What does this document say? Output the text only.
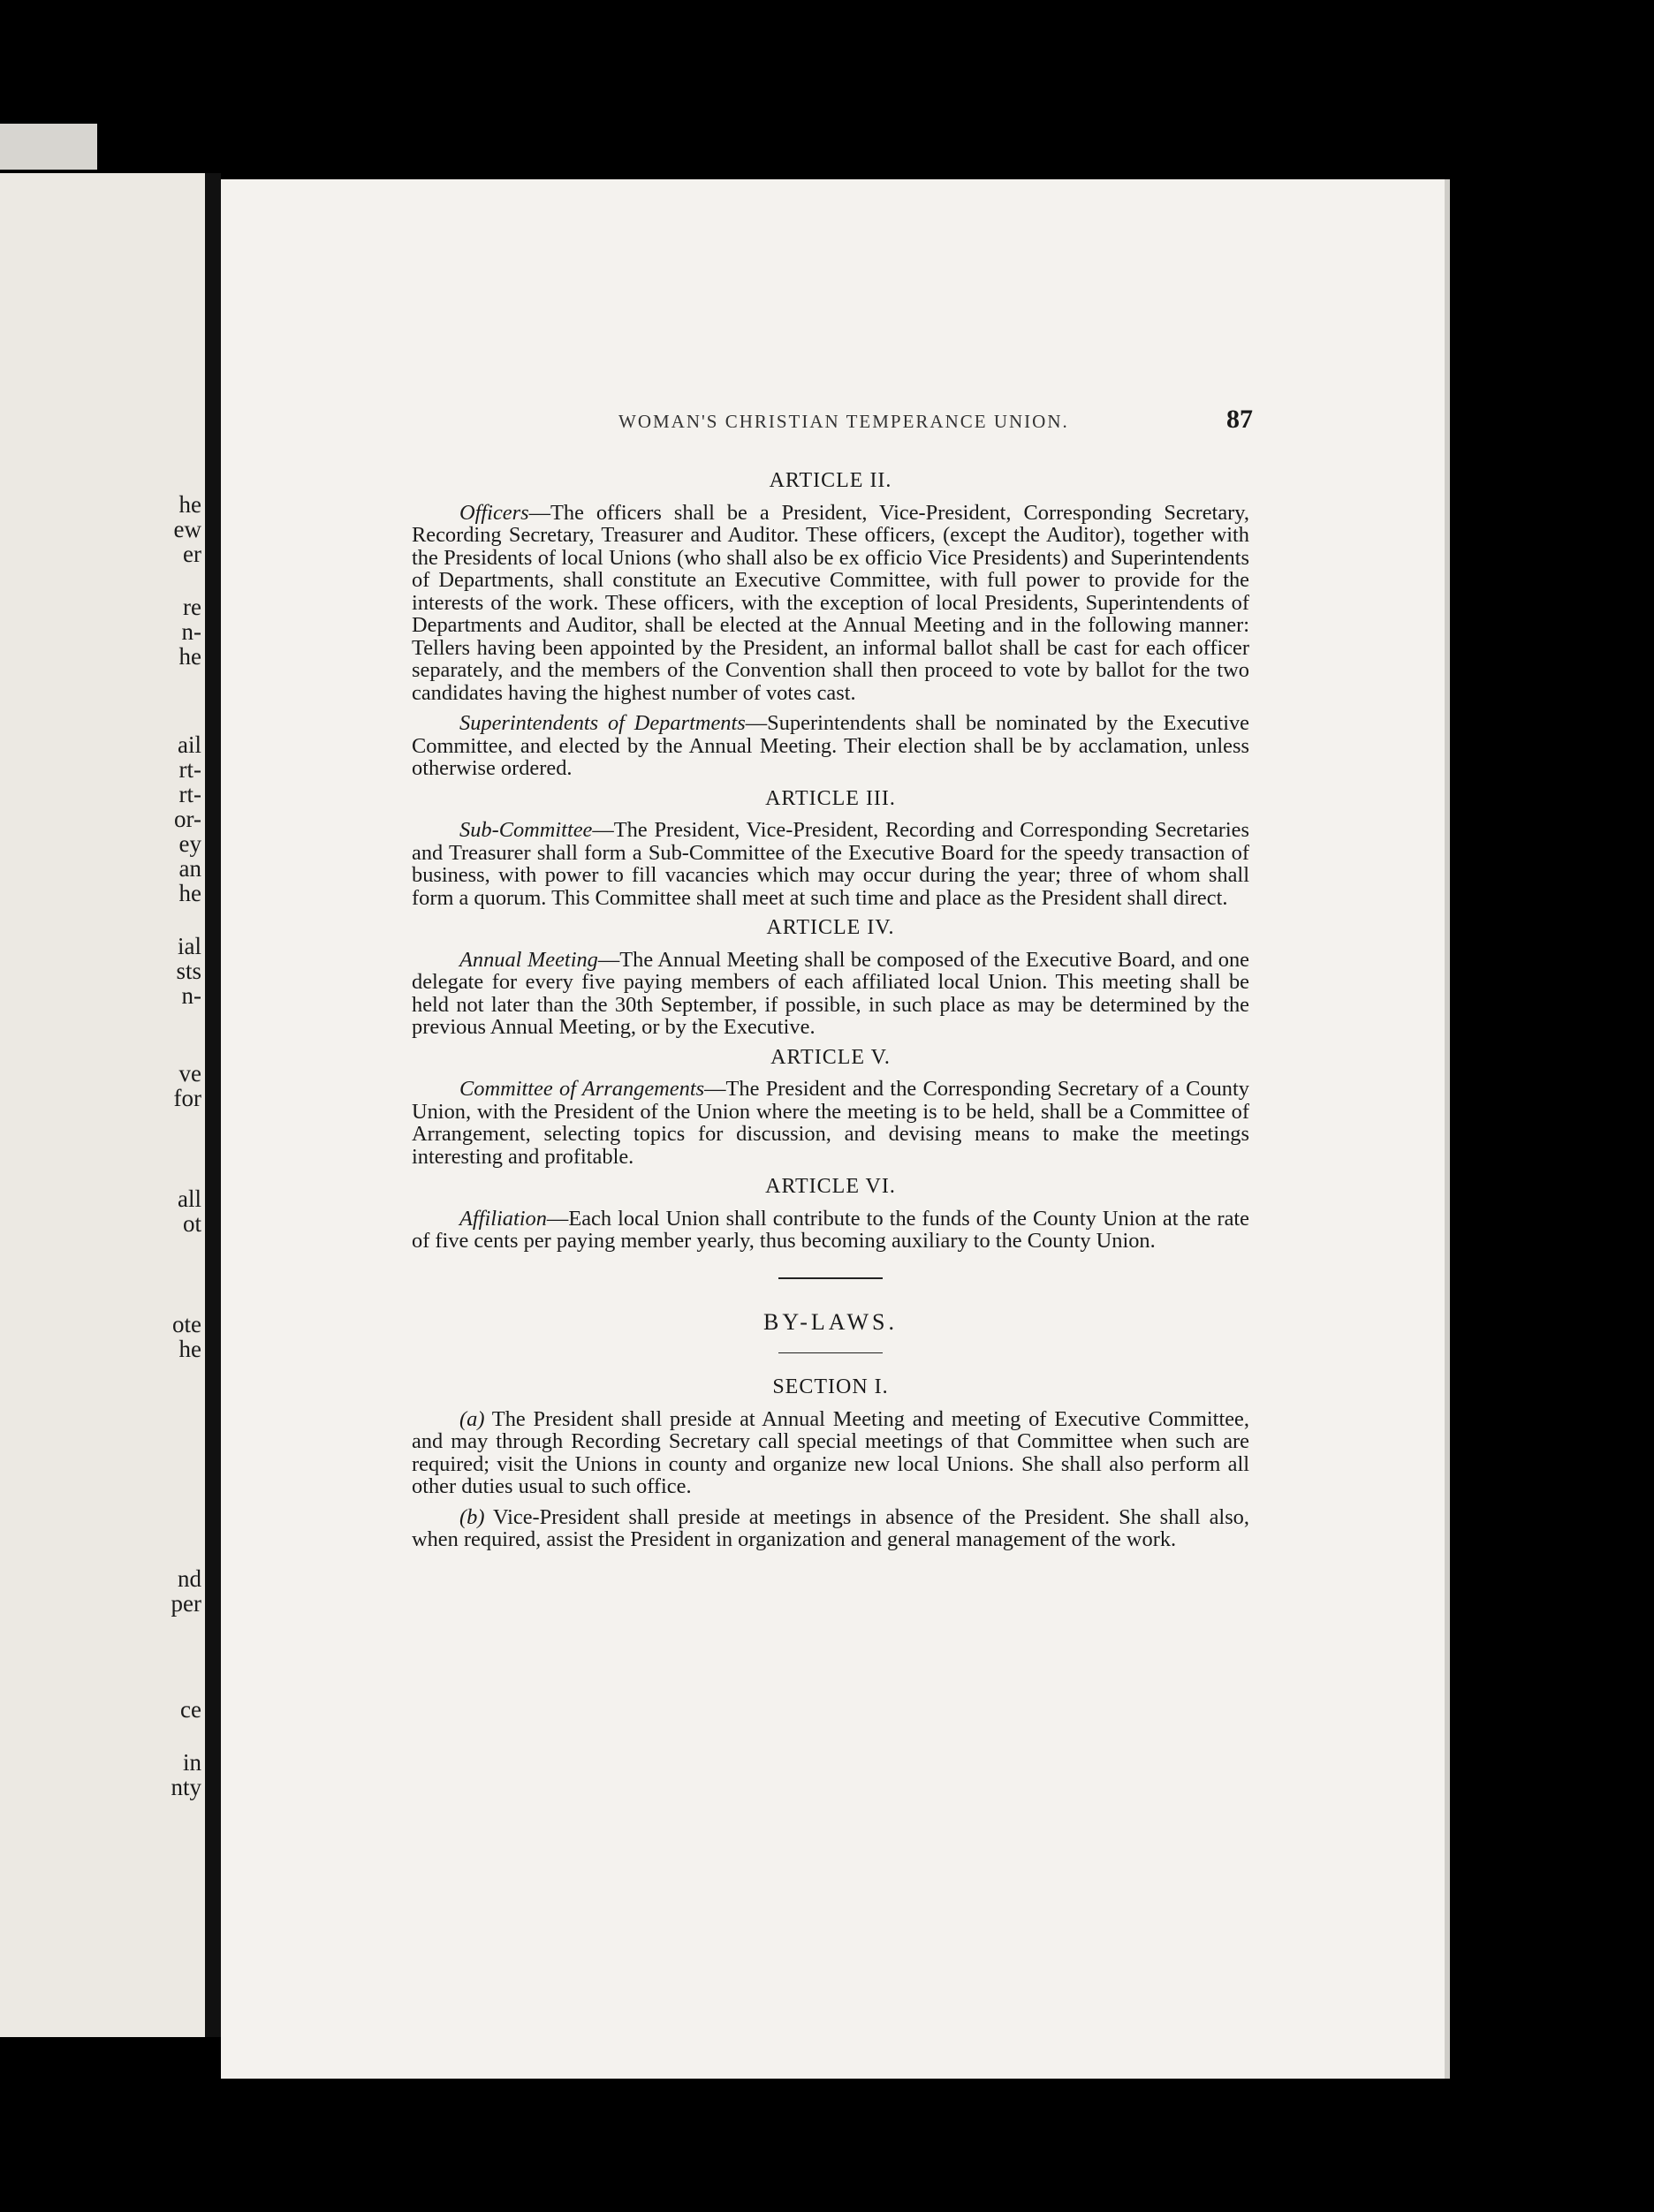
he
ew
er
re
n-
he
ail
rt-
rt-
or-
ey
an
he
ial
sts
n-
ve
for
all
ot
ote
he
nd
per
ce
in
nty
WOMAN'S CHRISTIAN TEMPERANCE UNION.	87
ARTICLE II.

Officers—The officers shall be a President, Vice-President, Corresponding Secretary, Recording Secretary, Treasurer and Auditor. These officers, (except the Auditor), together with the Presidents of local Unions (who shall also be ex officio Vice Presidents) and Superintendents of Departments, shall constitute an Executive Committee, with full power to provide for the interests of the work. These officers, with the exception of local Presidents, Superintendents of Departments and Auditor, shall be elected at the Annual Meeting and in the following manner: Tellers having been appointed by the President, an informal ballot shall be cast for each officer separately, and the members of the Convention shall then proceed to vote by ballot for the two candidates having the highest number of votes cast.

Superintendents of Departments—Superintendents shall be nominated by the Executive Committee, and elected by the Annual Meeting. Their election shall be by acclamation, unless otherwise ordered.

ARTICLE III.

Sub-Committee—The President, Vice-President, Recording and Corresponding Secretaries and Treasurer shall form a Sub-Committee of the Executive Board for the speedy transaction of business, with power to fill vacancies which may occur during the year; three of whom shall form a quorum. This Committee shall meet at such time and place as the President shall direct.

ARTICLE IV.

Annual Meeting—The Annual Meeting shall be composed of the Executive Board, and one delegate for every five paying members of each affiliated local Union. This meeting shall be held not later than the 30th September, if possible, in such place as may be determined by the previous Annual Meeting, or by the Executive.

ARTICLE V.

Committee of Arrangements—The President and the Corresponding Secretary of a County Union, with the President of the Union where the meeting is to be held, shall be a Committee of Arrangement, selecting topics for discussion, and devising means to make the meetings interesting and profitable.

ARTICLE VI.

Affiliation—Each local Union shall contribute to the funds of the County Union at the rate of five cents per paying member yearly, thus becoming auxiliary to the County Union.

BY-LAWS.
SECTION I.

(a) The President shall preside at Annual Meeting and meeting of Executive Committee, and may through Recording Secretary call special meetings of that Committee when such are required; visit the Unions in county and organize new local Unions. She shall also perform all other duties usual to such office.

(b) Vice-President shall preside at meetings in absence of the President. She shall also, when required, assist the President in organization and general management of the work.
